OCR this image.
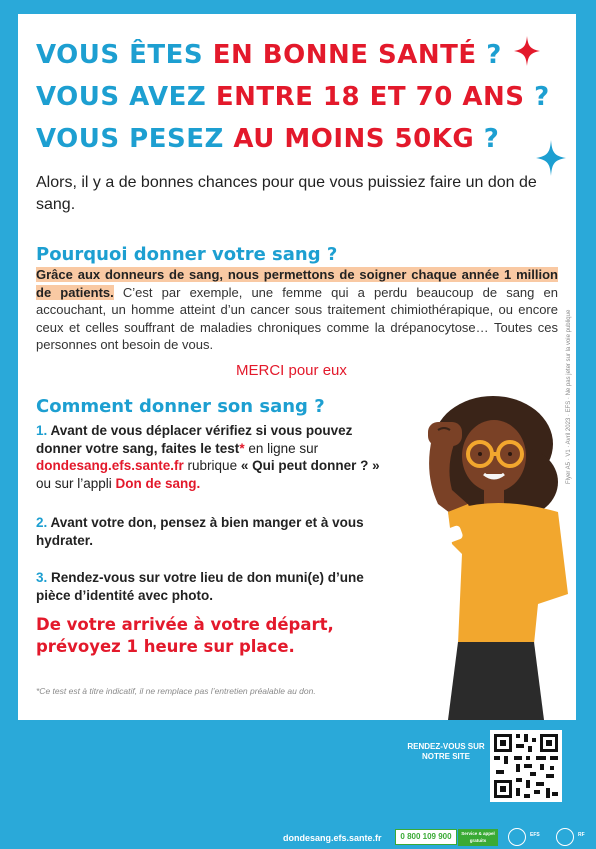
VOUS ÊTES EN BONNE SANTÉ ?
VOUS AVEZ ENTRE 18 ET 70 ANS ?
VOUS PESEZ AU MOINS 50KG ?
Alors, il y a de bonnes chances pour que vous puissiez faire un don de sang.
Pourquoi donner votre sang ?
Grâce aux donneurs de sang, nous permettons de soigner chaque année 1 million de patients. C’est par exemple, une femme qui a perdu beaucoup de sang en accouchant, un homme atteint d’un cancer sous traitement chimiothérapique, ou encore ceux et celles souffrant de maladies chroniques comme la drépanocytose… Toutes ces personnes ont besoin de vous.
MERCI pour eux
Comment donner son sang ?
1. Avant de vous déplacer vérifiez si vous pouvez donner votre sang, faites le test* en ligne sur
dondesang.efs.sante.fr rubrique « Qui peut donner ? »
ou sur l’appli Don de sang.
2. Avant votre don, pensez à bien manger et à vous hydrater.
3. Rendez-vous sur votre lieu de don muni(e) d’une pièce d’identité avec photo.
De votre arrivée à votre départ, prévoyez 1 heure sur place.
*Ce test est à titre indicatif, il ne remplace pas l’entretien préalable au don.
Flyer A5 · V1 · Avril 2023 · EFS · Ne pas jeter sur la voie publique
RENDEZ-VOUS SUR NOTRE SITE
dondesang.efs.sante.fr	0 800 109 900	Service & appel gratuits
EFS	RF
